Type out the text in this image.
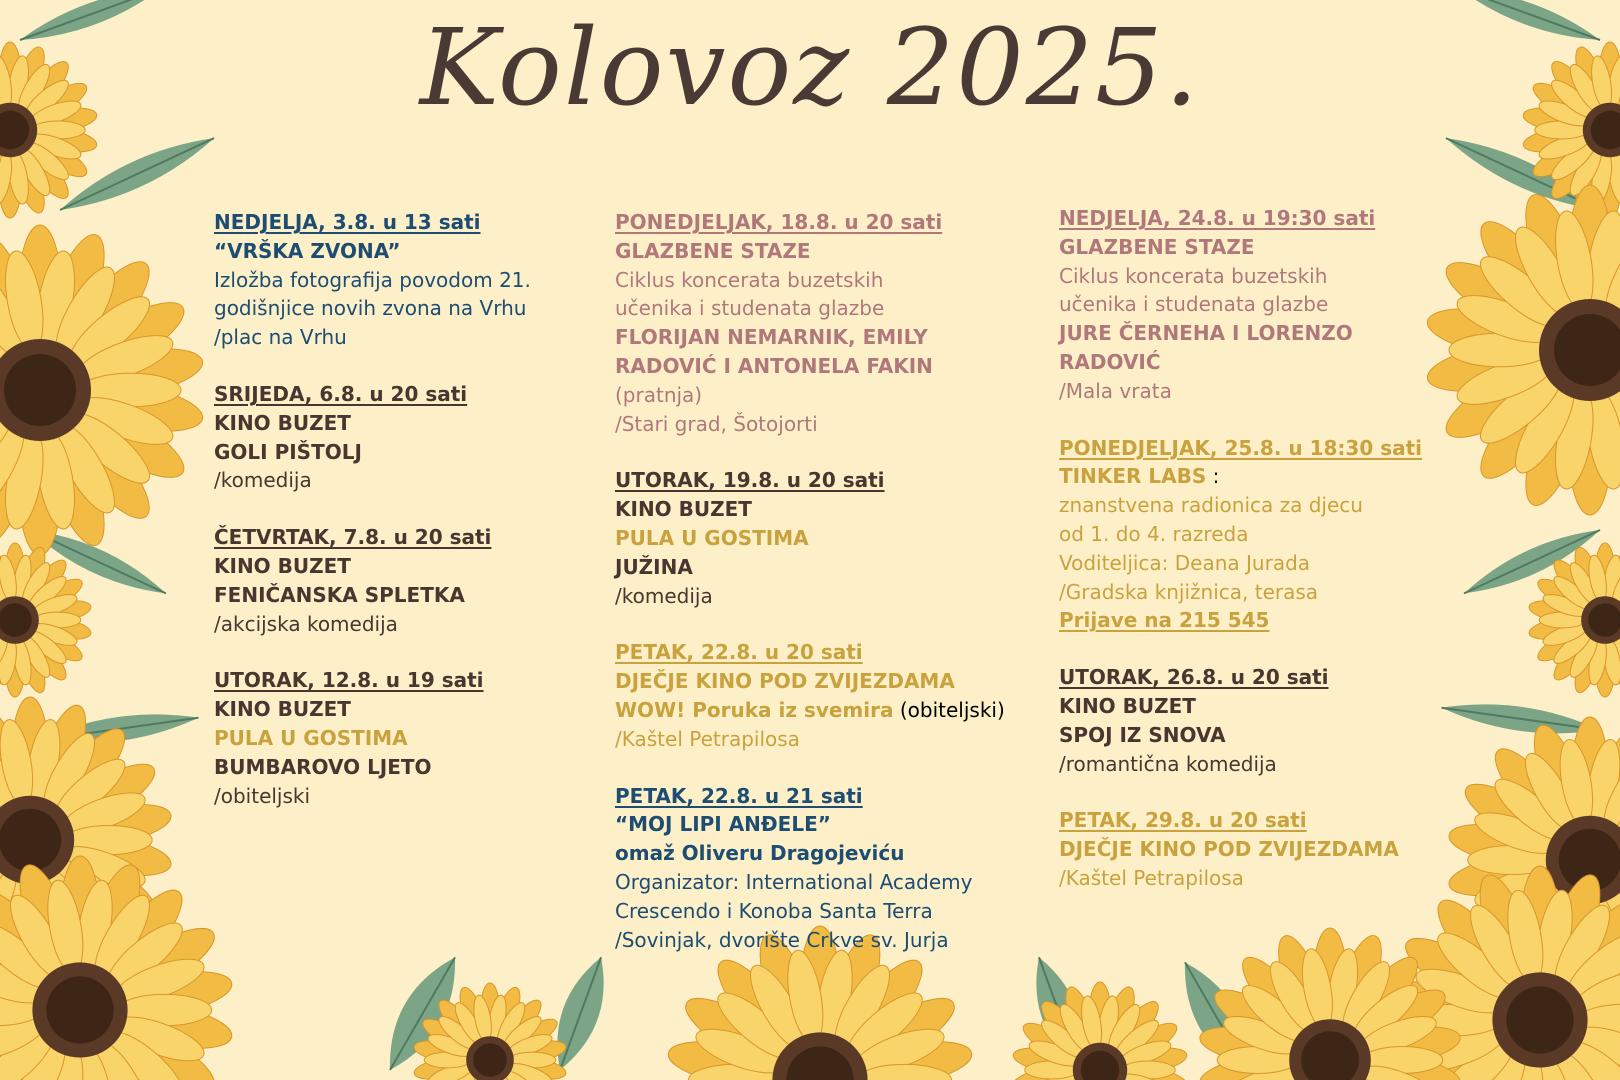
Kolovoz 2025.
NEDJELJA, 3.8. u 13 sati
“VRŠKA ZVONA”
Izložba fotografija povodom 21.
godišnjice novih zvona na Vrhu
/plac na Vrhu
SRIJEDA, 6.8. u 20 sati
KINO BUZET
GOLI PIŠTOLJ
/komedija
ČETVRTAK, 7.8. u 20 sati
KINO BUZET
FENIČANSKA SPLETKA
/akcijska komedija
UTORAK, 12.8. u 19 sati
KINO BUZET
PULA U GOSTIMA
BUMBAROVO LJETO
/obiteljski
PONEDJELJAK, 18.8. u 20 sati
GLAZBENE STAZE
Ciklus koncerata buzetskih
učenika i studenata glazbe
FLORIJAN NEMARNIK, EMILY
RADOVIĆ I ANTONELA FAKIN
(pratnja)
/Stari grad, Šotojorti
UTORAK, 19.8. u 20 sati
KINO BUZET
PULA U GOSTIMA
JUŽINA
/komedija
PETAK, 22.8. u 20 sati
DJEČJE KINO POD ZVIJEZDAMA
WOW! Poruka iz svemira (obiteljski)
/Kaštel Petrapilosa
PETAK, 22.8. u 21 sati
“MOJ LIPI ANĐELE”
omaž Oliveru Dragojeviću
Organizator: International Academy
Crescendo i Konoba Santa Terra
/Sovinjak, dvorište Crkve sv. Jurja
NEDJELJA, 24.8. u 19:30 sati
GLAZBENE STAZE
Ciklus koncerata buzetskih
učenika i studenata glazbe
JURE ČERNEHA I LORENZO
RADOVIĆ
/Mala vrata
PONEDJELJAK, 25.8. u 18:30 sati
TINKER LABS :
znanstvena radionica za djecu
od 1. do 4. razreda
Voditeljica: Deana Jurada
/Gradska knjižnica, terasa
Prijave na 215 545
UTORAK, 26.8. u 20 sati
KINO BUZET
SPOJ IZ SNOVA
/romantična komedija
PETAK, 29.8. u 20 sati
DJEČJE KINO POD ZVIJEZDAMA
/Kaštel Petrapilosa
